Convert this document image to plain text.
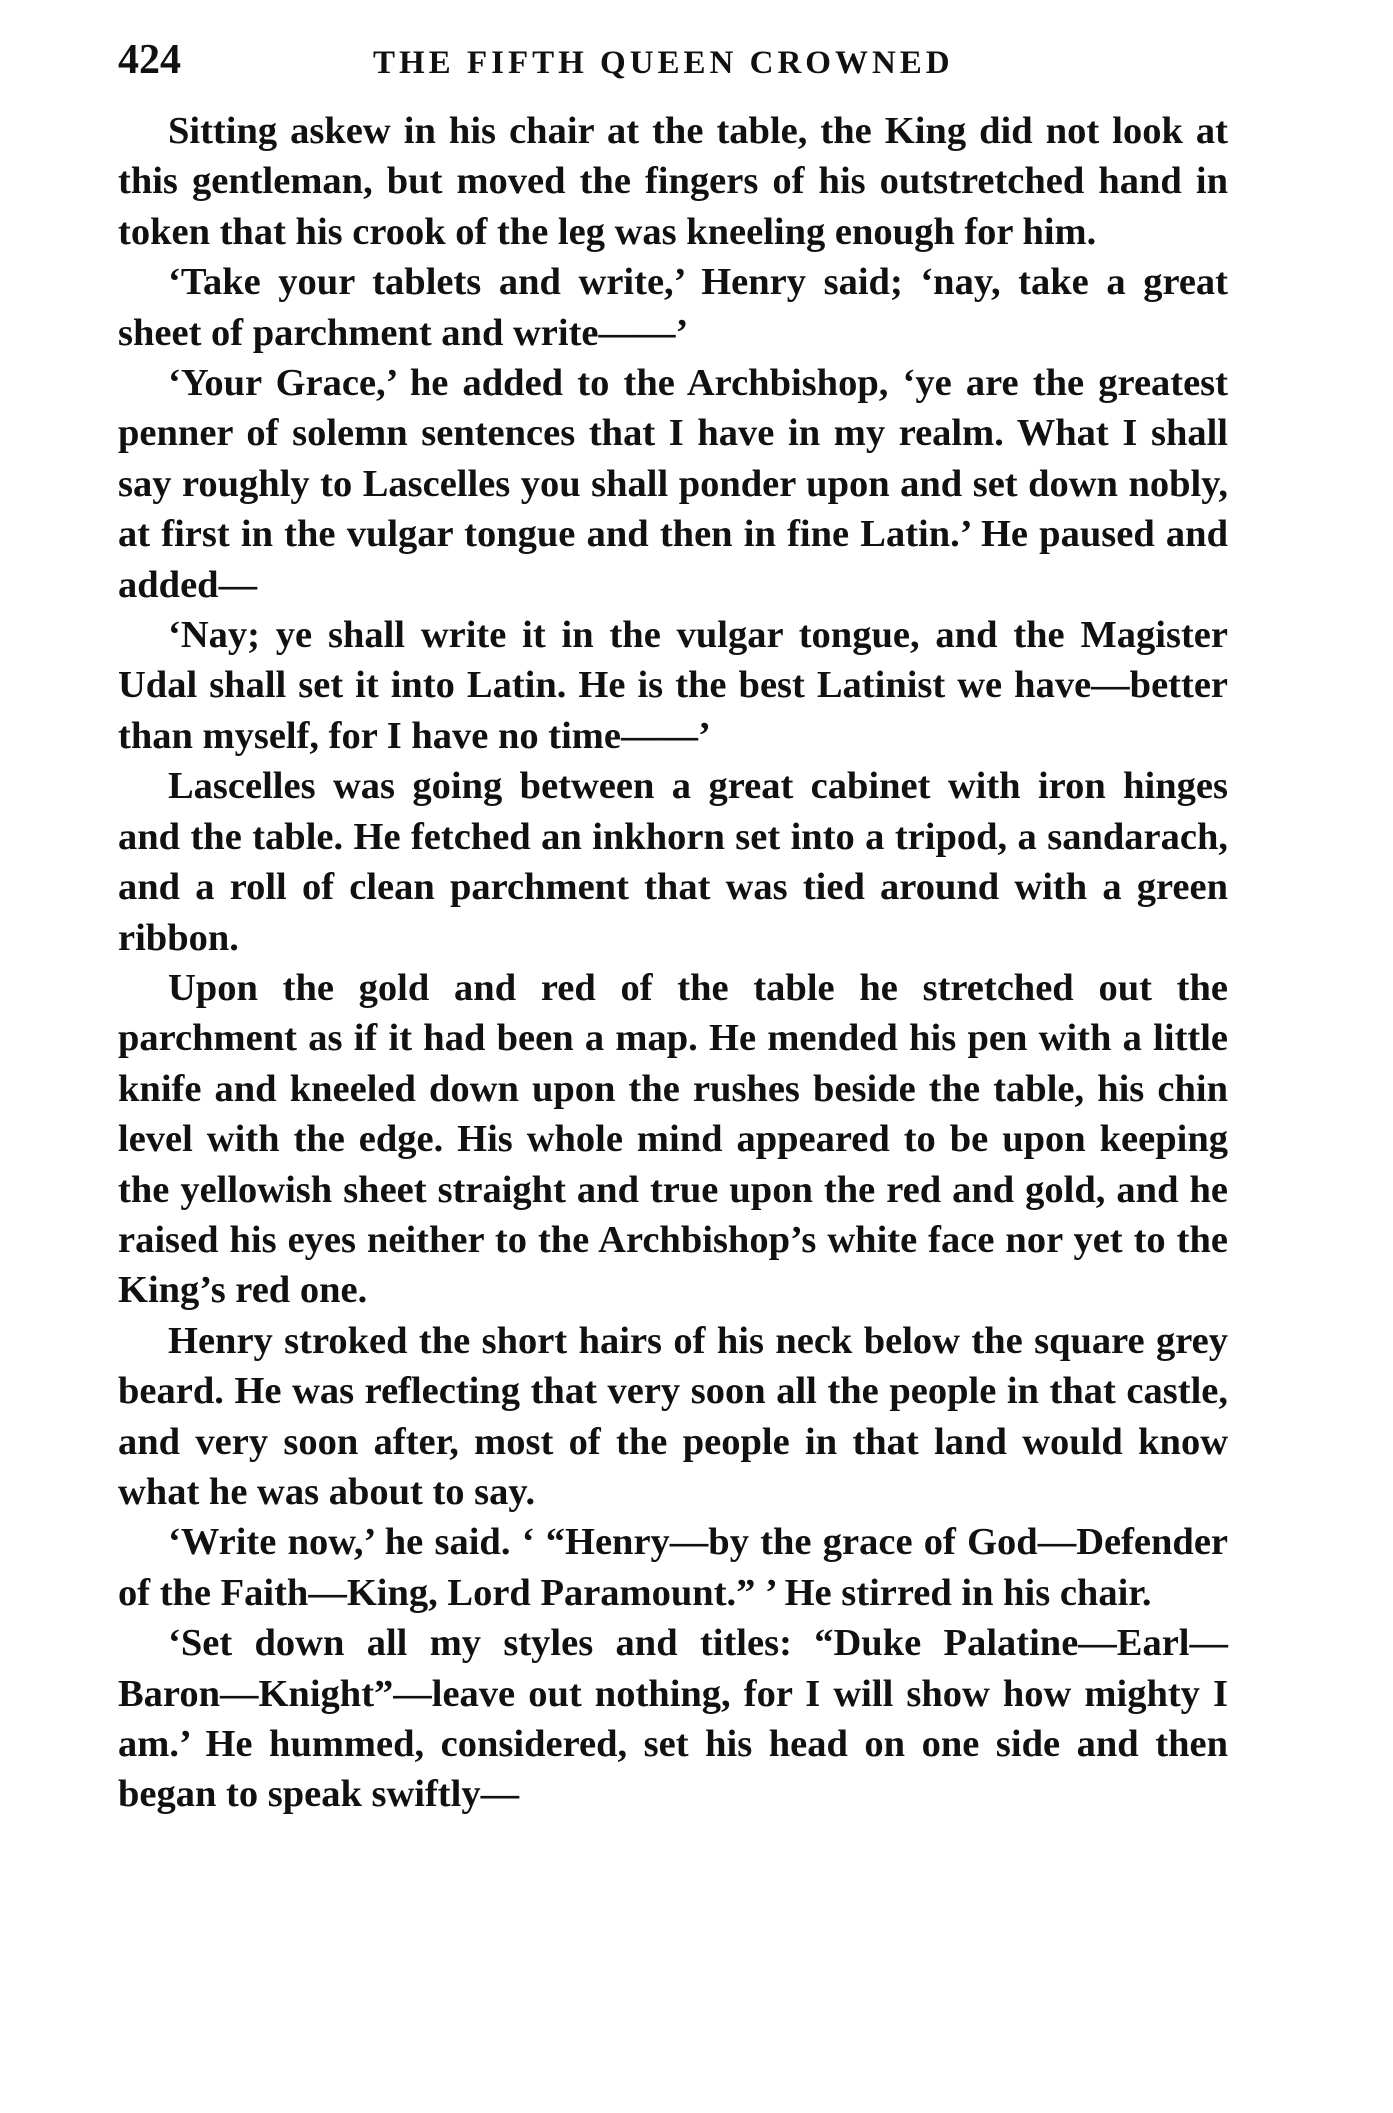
424	THE FIFTH QUEEN CROWNED

Sitting askew in his chair at the table, the King did not look at this gentleman, but moved the fingers of his outstretched hand in token that his crook of the leg was kneeling enough for him.

‘Take your tablets and write,’ Henry said; ‘nay, take a great sheet of parchment and write——’

‘Your Grace,’ he added to the Archbishop, ‘ye are the greatest penner of solemn sentences that I have in my realm. What I shall say roughly to Lascelles you shall ponder upon and set down nobly, at first in the vulgar tongue and then in fine Latin.’ He paused and added—

‘Nay; ye shall write it in the vulgar tongue, and the Magister Udal shall set it into Latin. He is the best Latinist we have—better than myself, for I have no time——’

Lascelles was going between a great cabinet with iron hinges and the table. He fetched an inkhorn set into a tripod, a sandarach, and a roll of clean parchment that was tied around with a green ribbon.

Upon the gold and red of the table he stretched out the parchment as if it had been a map. He mended his pen with a little knife and kneeled down upon the rushes beside the table, his chin level with the edge. His whole mind appeared to be upon keeping the yellowish sheet straight and true upon the red and gold, and he raised his eyes neither to the Archbishop’s white face nor yet to the King’s red one.

Henry stroked the short hairs of his neck below the square grey beard. He was reflecting that very soon all the people in that castle, and very soon after, most of the people in that land would know what he was about to say.

‘Write now,’ he said. ‘ “Henry—by the grace of God—Defender of the Faith—King, Lord Paramount.” ’ He stirred in his chair.

‘Set down all my styles and titles: “Duke Palatine—Earl—Baron—Knight”—leave out nothing, for I will show how mighty I am.’ He hummed, considered, set his head on one side and then began to speak swiftly—
